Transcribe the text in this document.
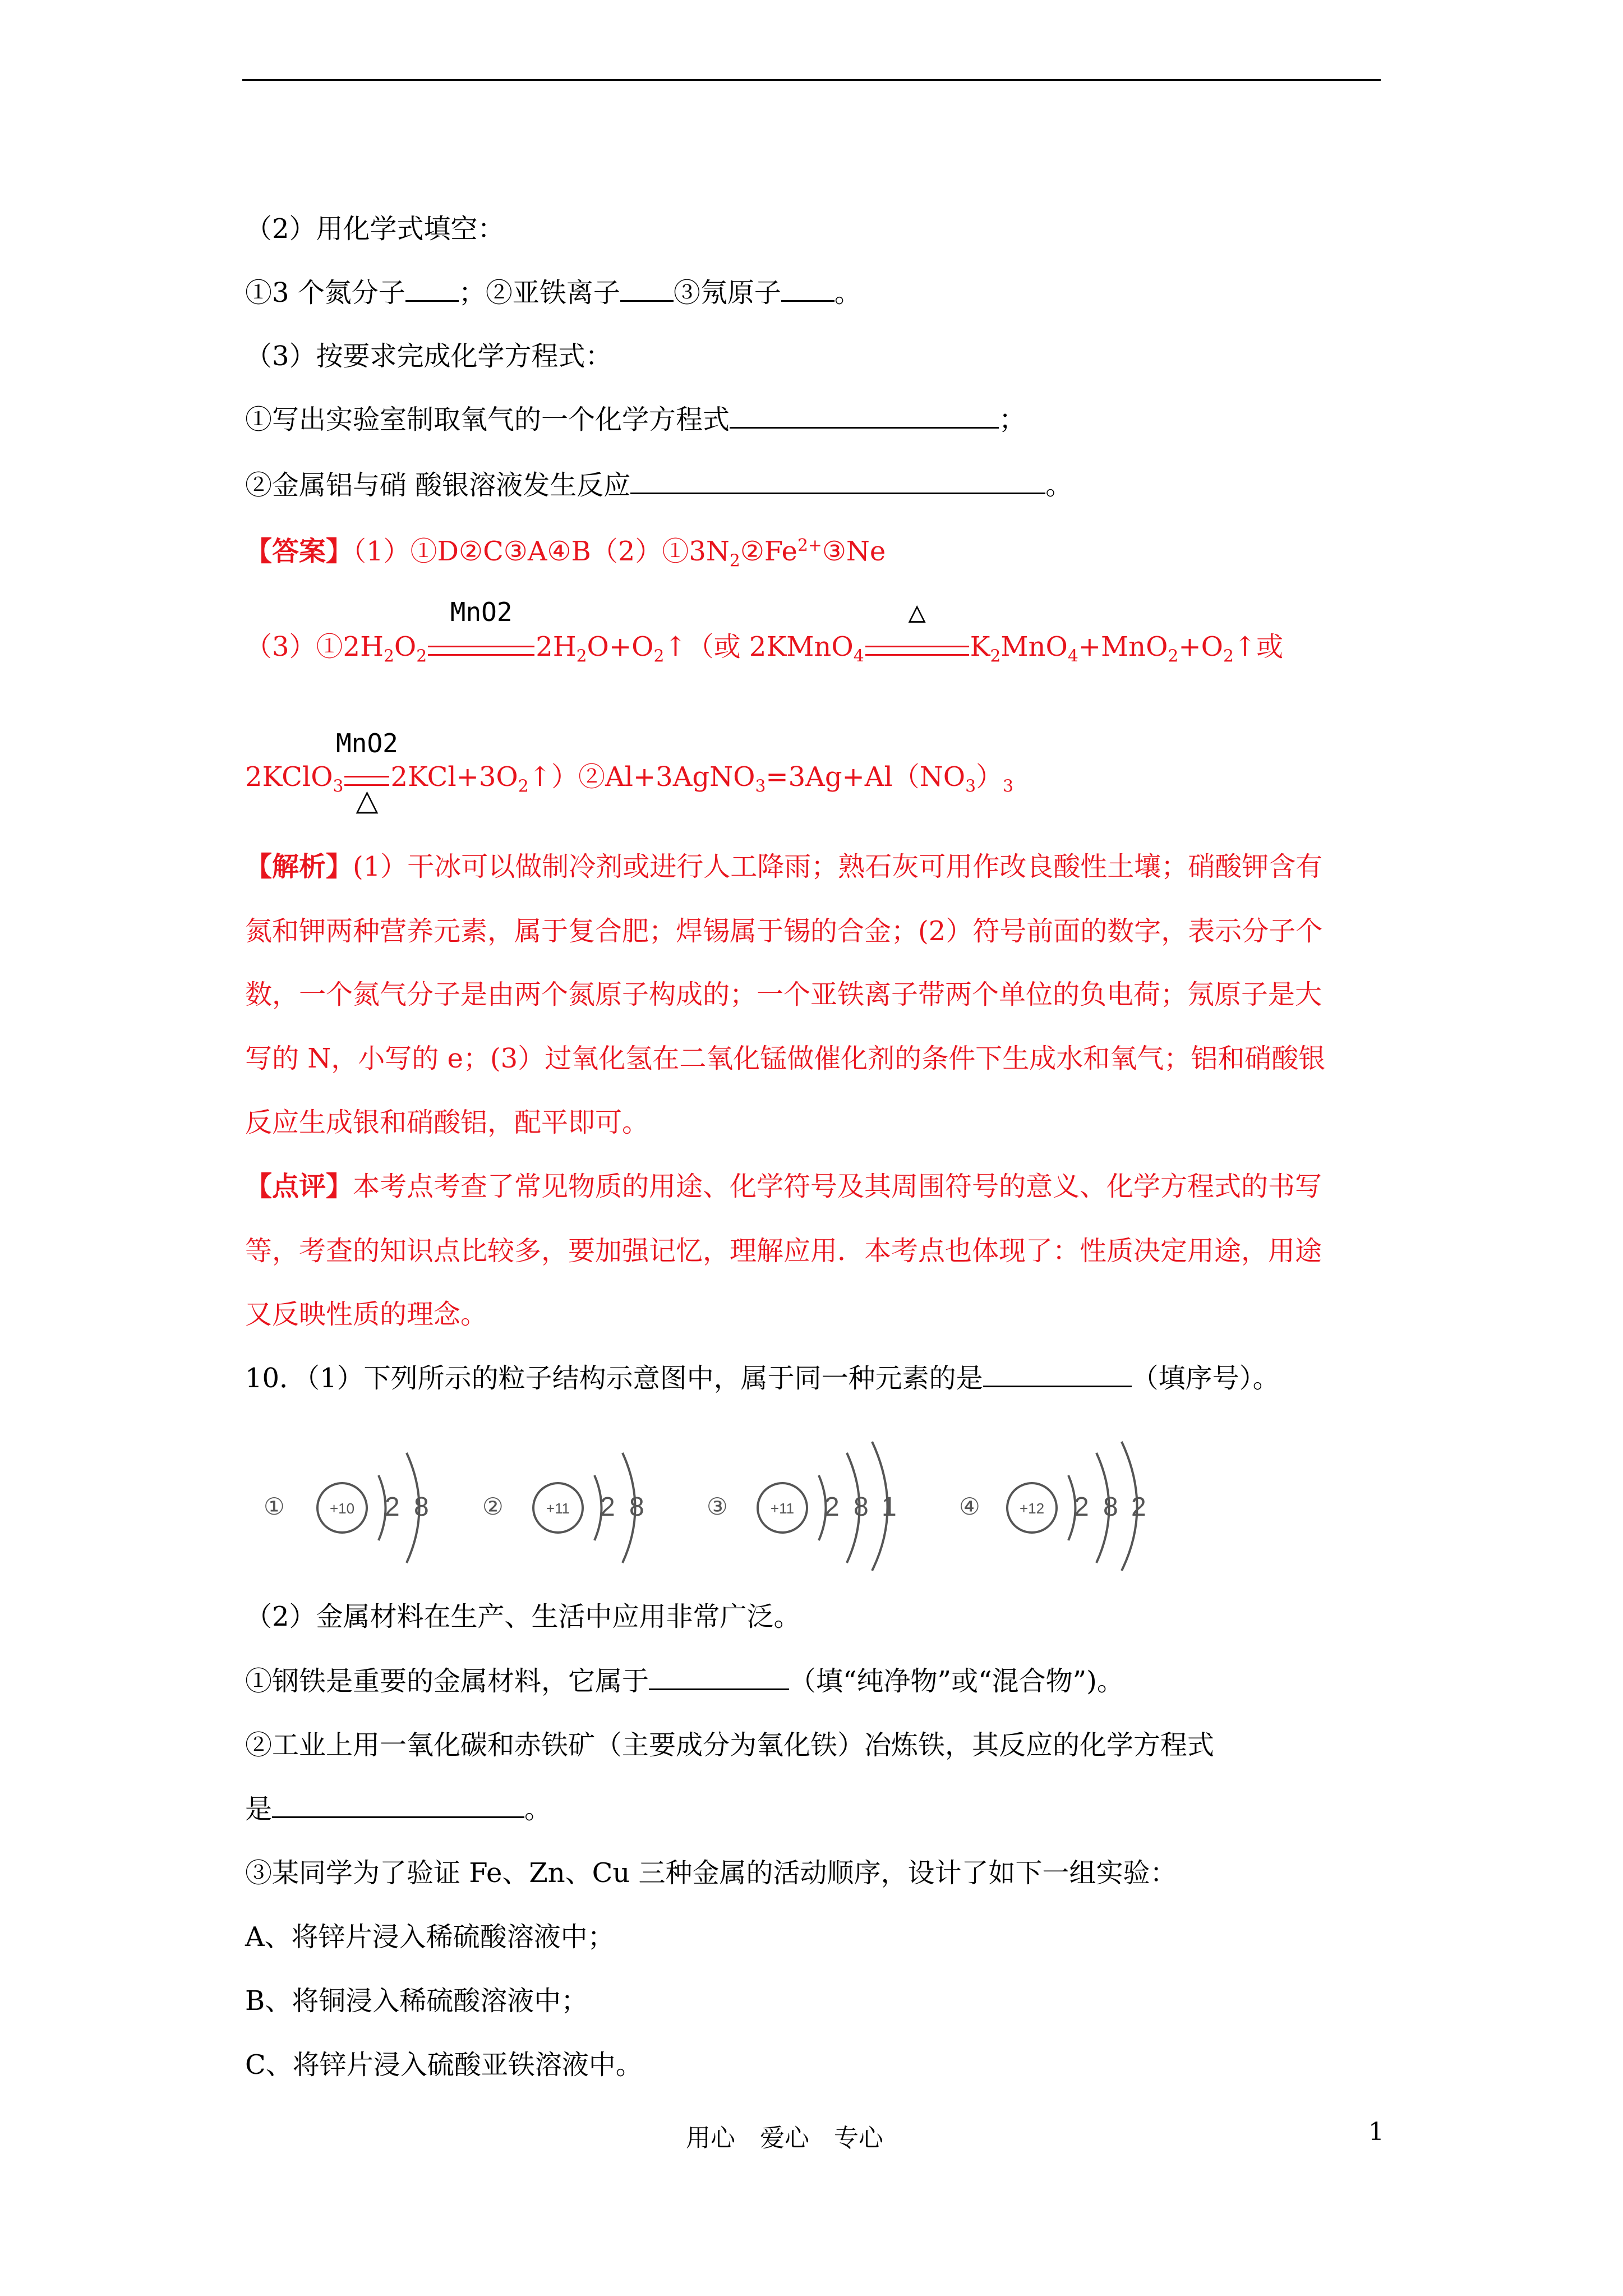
（2）用化学式填空：
①3 个氮分子 ；②亚铁离子 ③氖原子 。
（3）按要求完成化学方程式：
①写出实验室制取氧气的一个化学方程式	；
②金属铝与硝 酸银溶液发生反应	。
【答案】$(1)①D②C③A④B(2)①3N_2②Fe^{2+}③Ne$
$(3)①2H_2O_2$
MnO2
$2H_2O+O_2↑$（或 2KMnO$_4$
△
$K_2MnO_4+MnO_2+O_2↑$或
2KClO$_3$
MnO2
△
$2KCl+3O_2↑)②Al+3AgNO_3=3Ag+Al(NO_3)_3$
【解析】(1）干冰可以做制冷剂或进行人工降雨；熟石灰可用作改良酸性土壤；硝酸钾含有
氮和钾两种营养元素，属于复合肥；焊锡属于锡的合金；(2）符号前面的数字，表示分子个
数，一个氮气分子是由两个氮原子构成的；一个亚铁离子带两个单位的负电荷；氖原子是大
写的 N，小写的 e；(3）过氧化氢在二氧化锰做催化剂的条件下生成水和氧气；铝和硝酸银
反应生成银和硝酸铝，配平即可。
【点评】本考点考查了常见物质的用途、化学符号及其周围符号的意义、化学方程式的书写
等，考查的知识点比较多，要加强记忆，理解应用．本考点也体现了：性质决定用途，用途
又反映性质的理念。
10．（1）下列所示的粒子结构示意图中，属于同一种元素的是	（填序号）。
①	+10 2 8 ②	+11 2 8	③	+11 2 8 1	④	+12 2 8 2
（2）金属材料在生产、生活中应用非常广泛。
①钢铁是重要的金属材料，它属于	（填“纯净物”或“混合物”)。
②工业上用一氧化碳和赤铁矿（主要成分为氧化铁）冶炼铁，其反应的化学方程式
是	。
③某同学为了验证 Fe、Zn、Cu 三种金属的活动顺序，设计了如下一组实验：
A、将锌片浸入稀硫酸溶液中；
B、将铜浸入稀硫酸溶液中；
C、将锌片浸入硫酸亚铁溶液中。
用心　爱心　专心	1
